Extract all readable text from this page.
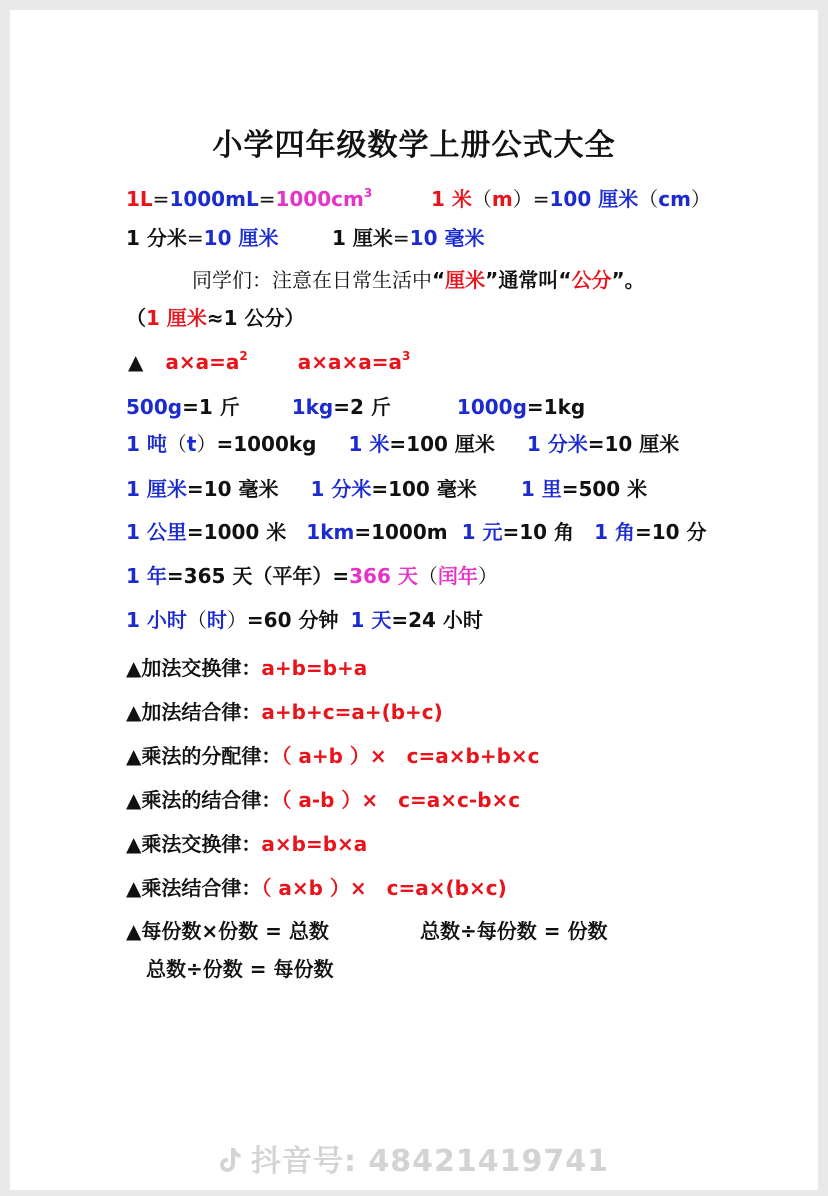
小学四年级数学上册公式大全
$1L=1000mL=1000cm^3$	1 米（m）=100 厘米（cm）
1 分米=10 厘米	1 厘米=10 毫米
同学们：注意在日常生活中“厘米”通常叫“公分”。
（1 厘米≈1 公分）
▲ $a\times a=a^2$	$a\times a\times a=a^3$
500g=1 斤	1kg=2 斤	1000g=1kg
1 吨（t）=1000kg 1 米=100 厘米 1 分米=10 厘米
1 厘米=10 毫米 1 分米=100 毫米 1 里=500 米
1 公里=1000 米 1km=1000m 1 元=10 角 1 角=10 分
1 年=365 天（平年）=366 天（闰年）
1 小时（时）=60 分钟 1 天=24 小时
▲加法交换律：a+b=b+a
▲加法结合律：a+b+c=a+(b+c)
▲乘法的分配律：（ a+b ）×　c=a×b+b×c
▲乘法的结合律：（ a-b ）×　c=a×c-b×c
▲乘法交换律：a×b=b×a
▲乘法结合律：（ a×b ）×　c=a×(b×c)
▲每份数×份数 = 总数	总数÷每份数 = 份数
总数÷份数 = 每份数
抖音号: 48421419741
